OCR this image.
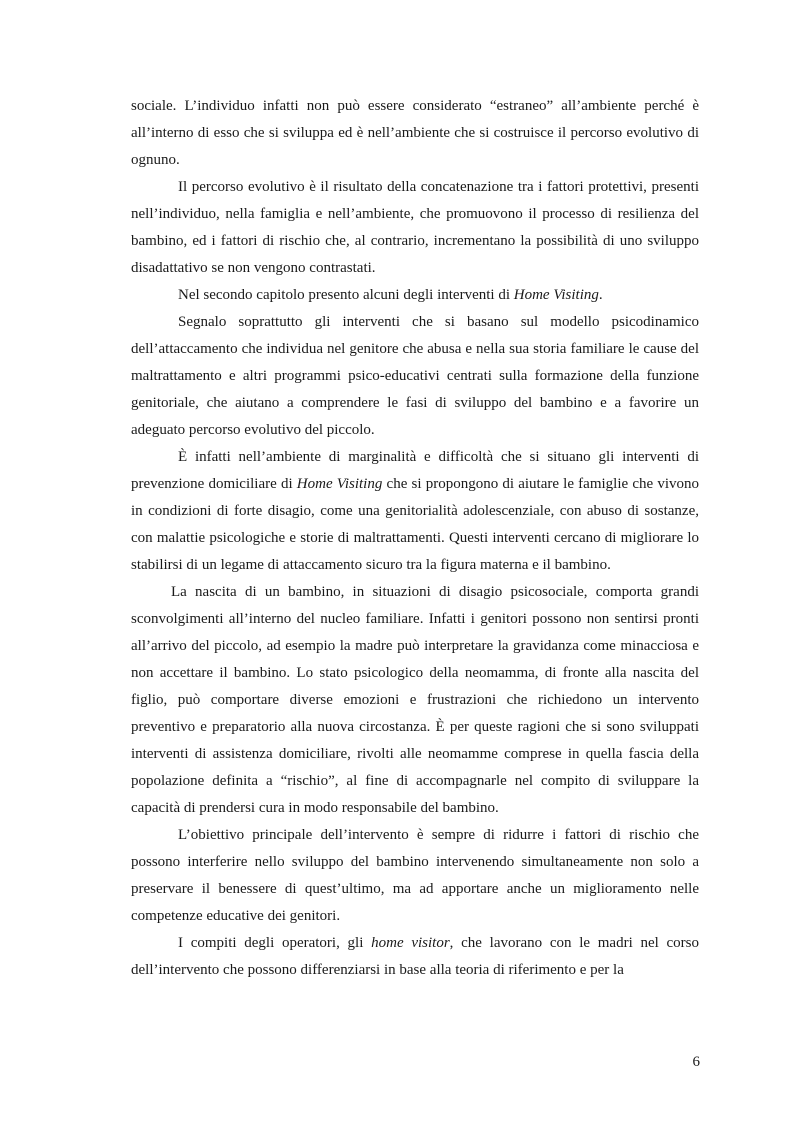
sociale. L’individuo infatti non può essere considerato “estraneo” all’ambiente perché è all’interno di esso che si sviluppa ed è nell’ambiente che si costruisce il percorso evolutivo di ognuno.

Il percorso evolutivo è il risultato della concatenazione tra i fattori protettivi, presenti nell’individuo, nella famiglia e nell’ambiente, che promuovono il processo di resilienza del bambino, ed i fattori di rischio che, al contrario, incrementano la possibilità di uno sviluppo disadattativo se non vengono contrastati.

Nel secondo capitolo presento alcuni degli interventi di Home Visiting.

Segnalo soprattutto gli interventi che si basano sul modello psicodinamico dell’attaccamento che individua nel genitore che abusa e nella sua storia familiare le cause del maltrattamento e altri programmi psico-educativi centrati sulla formazione della funzione genitoriale, che aiutano a comprendere le fasi di sviluppo del bambino e a favorire un adeguato percorso evolutivo del piccolo.

È infatti nell’ambiente di marginalità e difficoltà che si situano gli interventi di prevenzione domiciliare di Home Visiting che si propongono di aiutare le famiglie che vivono in condizioni di forte disagio, come una genitorialità adolescenziale, con abuso di sostanze, con malattie psicologiche e storie di maltrattamenti. Questi interventi cercano di migliorare lo stabilirsi di un legame di attaccamento sicuro tra la figura materna e il bambino.

La nascita di un bambino, in situazioni di disagio psicosociale, comporta grandi sconvolgimenti all’interno del nucleo familiare. Infatti i genitori possono non sentirsi pronti all’arrivo del piccolo, ad esempio la madre può interpretare la gravidanza come minacciosa e non accettare il bambino. Lo stato psicologico della neomamma, di fronte alla nascita del figlio, può comportare diverse emozioni e frustrazioni che richiedono un intervento preventivo e preparatorio alla nuova circostanza. È per queste ragioni che si sono sviluppati interventi di assistenza domiciliare, rivolti alle neomamme comprese in quella fascia della popolazione definita a “rischio”, al fine di accompagnarle nel compito di sviluppare la capacità di prendersi cura in modo responsabile del bambino.

L’obiettivo principale dell’intervento è sempre di ridurre i fattori di rischio che possono interferire nello sviluppo del bambino intervenendo simultaneamente non solo a preservare il benessere di quest’ultimo, ma ad apportare anche un miglioramento nelle competenze educative dei genitori.

I compiti degli operatori, gli home visitor, che lavorano con le madri nel corso dell’intervento che possono differenziarsi in base alla teoria di riferimento e per la

6
